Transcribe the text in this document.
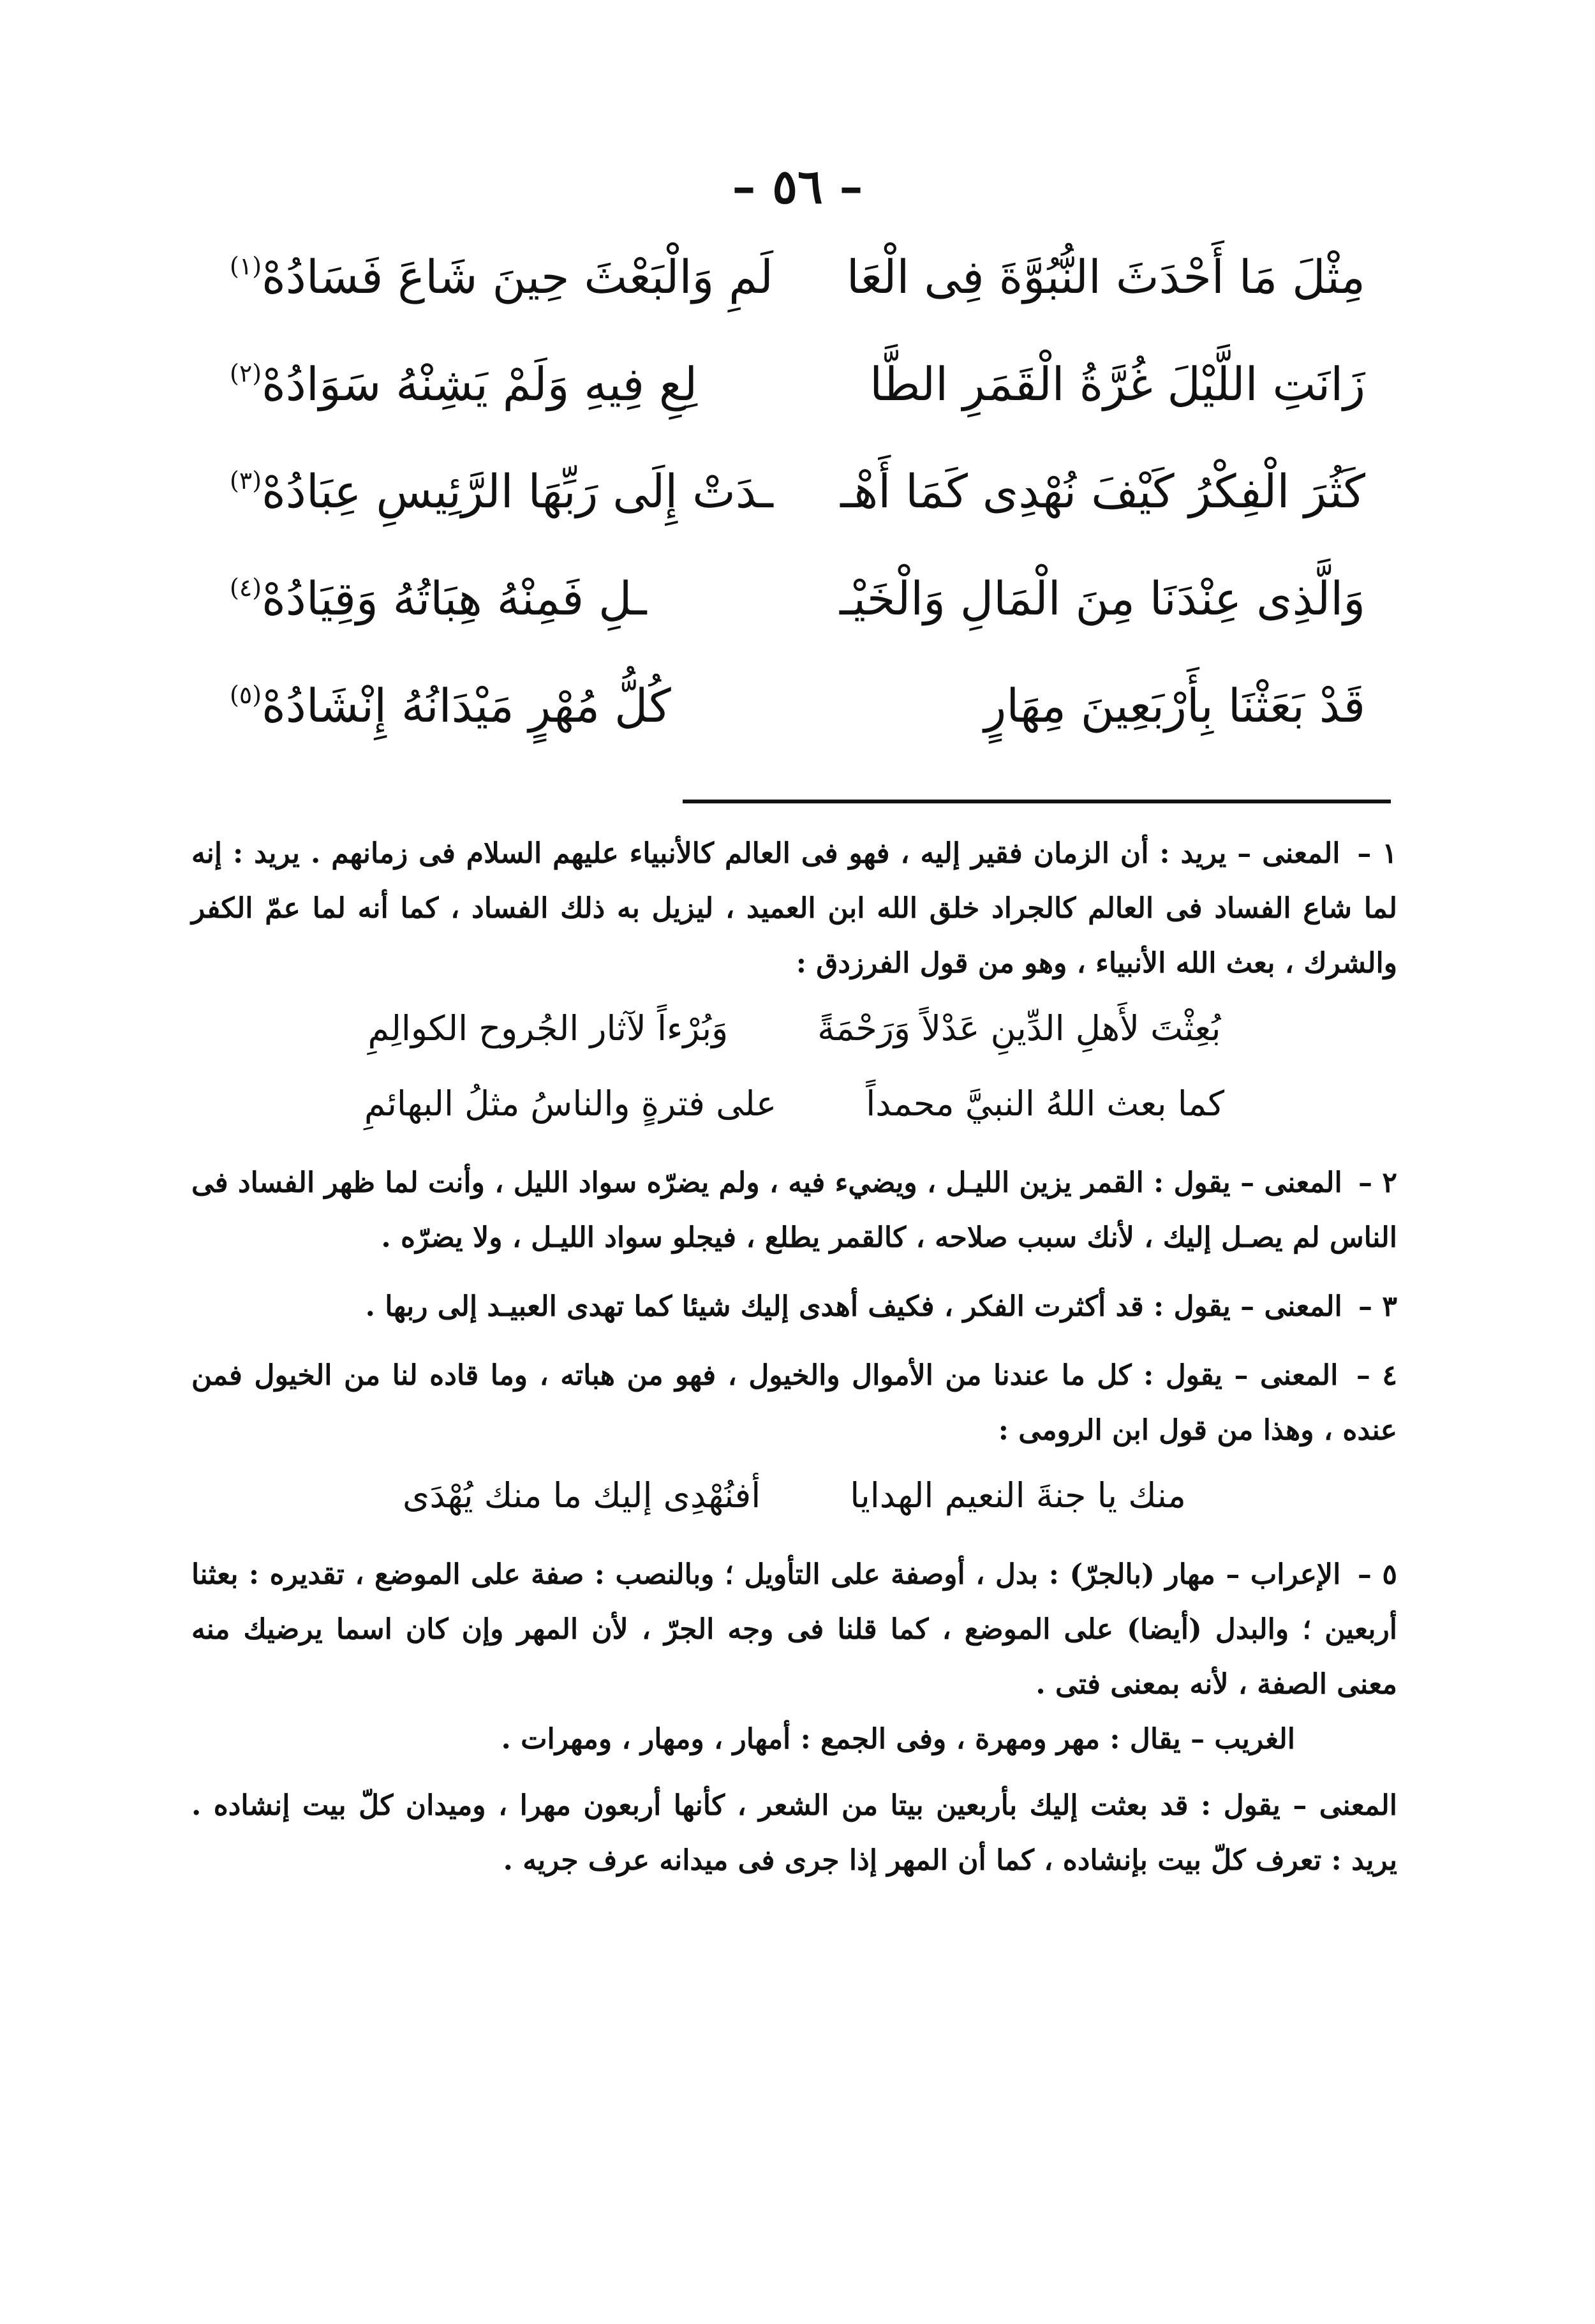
– ٥٦ –
مِثْلَ مَا أَحْدَثَ النُّبُوَّةَ فِى الْعَا
لَمِ وَالْبَعْثَ حِينَ شَاعَ فَسَادُهْ
(١)
زَانَتِ اللَّيْلَ غُرَّةُ الْقَمَرِ الطَّا
لِعِ فِيهِ وَلَمْ يَشِنْهُ سَوَادُهْ
(٢)
كَثُرَ الْفِكْرُ كَيْفَ نُهْدِى كَمَا أَهْـ
ـدَتْ إِلَى رَبِّهَا الرَّئِيسِ عِبَادُهْ
(٣)
وَالَّذِى عِنْدَنَا مِنَ الْمَالِ وَالْخَيْـ
ـلِ فَمِنْهُ هِبَاتُهُ وَقِيَادُهْ
(٤)
قَدْ بَعَثْنَا بِأَرْبَعِينَ مِهَارٍ
كُلُّ مُهْرٍ مَيْدَانُهُ إِنْشَادُهْ
(٥)
١ – المعنى – يريد : أن الزمان فقير إليه ، فهو فى العالم كالأنبياء عليهم السلام فى زمانهم . يريد : إنه لما شاع الفساد فى العالم كالجراد خلق الله ابن العميد ، ليزيل به ذلك الفساد ، كما أنه لما عمّ الكفر والشرك ، بعث الله الأنبياء ، وهو من قول الفرزدق :
بُعِثْتَ لأَهلِ الدِّينِ عَدْلاً وَرَحْمَةً
وَبُرْءاً لآثار الجُروح الكوالِمِ
كما بعث اللهُ النبيَّ محمداً
على فترةٍ والناسُ مثلُ البهائمِ
٢ – المعنى – يقول : القمر يزين الليـل ، ويضيء فيه ، ولم يضرّه سواد الليل ، وأنت لما ظهر الفساد فى الناس لم يصـل إليك ، لأنك سبب صلاحه ، كالقمر يطلع ، فيجلو سواد الليـل ، ولا يضرّه .
٣ – المعنى – يقول : قد أكثرت الفكر ، فكيف أهدى إليك شيئا كما تهدى العبيـد إلى ربها .
٤ – المعنى – يقول : كل ما عندنا من الأموال والخيول ، فهو من هباته ، وما قاده لنا من الخيول فمن عنده ، وهذا من قول ابن الرومى :
منك يا جنةَ النعيم الهدايا
أفنُهْدِى إليك ما منك يُهْدَى
٥ – الإعراب – مهار (بالجرّ) : بدل ، أوصفة على التأويل ؛ وبالنصب : صفة على الموضع ، تقديره : بعثنا أربعين ؛ والبدل (أيضا) على الموضع ، كما قلنا فى وجه الجرّ ، لأن المهر وإن كان اسما يرضيك منه معنى الصفة ، لأنه بمعنى فتى .
الغريب – يقال : مهر ومهرة ، وفى الجمع : أمهار ، ومهار ، ومهرات .
المعنى – يقول : قد بعثت إليك بأربعين بيتا من الشعر ، كأنها أربعون مهرا ، وميدان كلّ بيت إنشاده . يريد : تعرف كلّ بيت بإنشاده ، كما أن المهر إذا جرى فى ميدانه عرف جريه .
